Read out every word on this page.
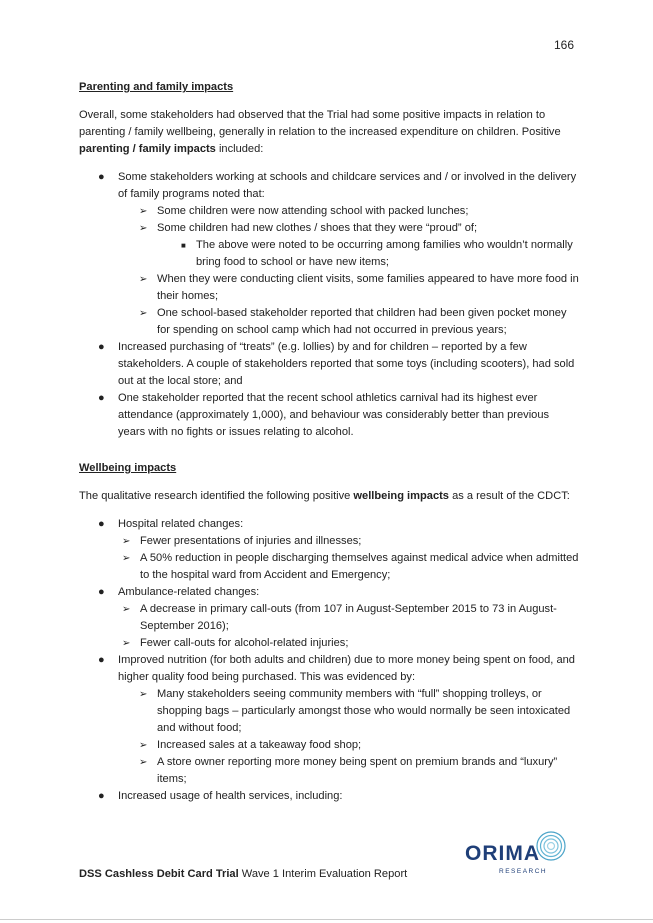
166

Parenting and family impacts

Overall, some stakeholders had observed that the Trial had some positive impacts in relation to parenting / family wellbeing, generally in relation to the increased expenditure on children. Positive parenting / family impacts included:

● Some stakeholders working at schools and childcare services and / or involved in the delivery of family programs noted that:
➢ Some children were now attending school with packed lunches;
➢ Some children had new clothes / shoes that they were “proud” of;
■ The above were noted to be occurring among families who wouldn’t normally bring food to school or have new items;
➢ When they were conducting client visits, some families appeared to have more food in their homes;
➢ One school-based stakeholder reported that children had been given pocket money for spending on school camp which had not occurred in previous years;
● Increased purchasing of “treats” (e.g. lollies) by and for children – reported by a few stakeholders. A couple of stakeholders reported that some toys (including scooters), had sold out at the local store; and
● One stakeholder reported that the recent school athletics carnival had its highest ever attendance (approximately 1,000), and behaviour was considerably better than previous years with no fights or issues relating to alcohol.

Wellbeing impacts

The qualitative research identified the following positive wellbeing impacts as a result of the CDCT:

● Hospital related changes:
➢ Fewer presentations of injuries and illnesses;
➢ A 50% reduction in people discharging themselves against medical advice when admitted to the hospital ward from Accident and Emergency;
● Ambulance-related changes:
➢ A decrease in primary call-outs (from 107 in August-September 2015 to 73 in August-September 2016);
➢ Fewer call-outs for alcohol-related injuries;
● Improved nutrition (for both adults and children) due to more money being spent on food, and higher quality food being purchased. This was evidenced by:
➢ Many stakeholders seeing community members with “full” shopping trolleys, or shopping bags – particularly amongst those who would normally be seen intoxicated and without food;
➢ Increased sales at a takeaway food shop;
➢ A store owner reporting more money being spent on premium brands and “luxury” items;
● Increased usage of health services, including:
ORIMA
RESEARCH
DSS Cashless Debit Card Trial Wave 1 Interim Evaluation Report
